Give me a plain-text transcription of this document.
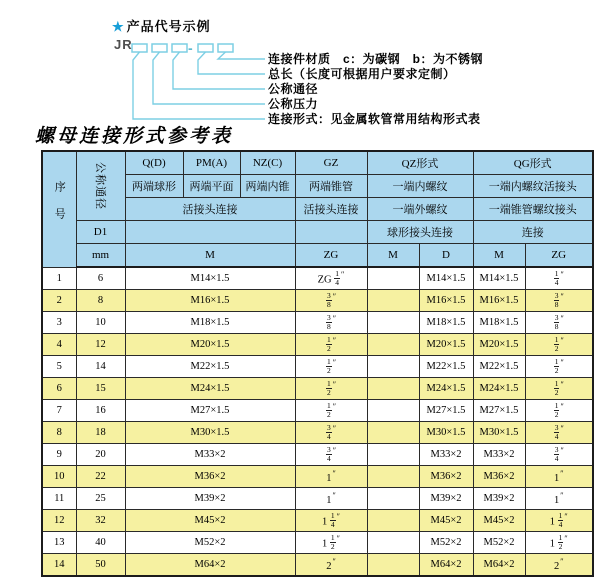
★ 产品代号示例
JR	-
连接件材质　c：为碳钢　b：为不锈钢
总长（长度可根据用户要求定制）
公称通径
公称压力
连接形式：见金属软管常用结构形式表
螺母连接形式参考表
序号	公称通径	Q(D)	PM(A)	NZ(C)	GZ	QZ形式		QG形式	
		两端球形	两端平面	两端内锥	两端锥管	一端内螺纹		一端内螺纹活接头	
		活接头连接			活接头连接	一端外螺纹		一端锥管螺纹接头	
	D1					球形接头连接		连接	
	mm	M			ZG	M	D	M	ZG
1	6	M14×1.5			ZG $\frac{1}{4} ''$		M14×1.5	M14×1.5	$\frac{1}{4} ''$
2	8	M16×1.5			$\frac{3}{8} ''$		M16×1.5	M16×1.5	$\frac{3}{8} ''$
3	10	M18×1.5			$\frac{3}{8} ''$		M18×1.5	M18×1.5	$\frac{3}{8} ''$
4	12	M20×1.5			$\frac{1}{2} ''$		M20×1.5	M20×1.5	$\frac{1}{2} ''$
5	14	M22×1.5			$\frac{1}{2} ''$		M22×1.5	M22×1.5	$\frac{1}{2} ''$
6	15	M24×1.5			$\frac{1}{2} ''$		M24×1.5	M24×1.5	$\frac{1}{2} ''$
7	16	M27×1.5			$\frac{1}{2} ''$		M27×1.5	M27×1.5	$\frac{1}{2} ''$
8	18	M30×1.5			$\frac{3}{4} ''$		M30×1.5	M30×1.5	$\frac{3}{4} ''$
9	20	M33×2			$\frac{3}{4} ''$		M33×2	M33×2	$\frac{3}{4} ''$
10	22	M36×2			1″		M36×2	M36×2	1″
11	25	M39×2			1″		M39×2	M39×2	1″
12	32	M45×2			$1 \frac{1}{4} ''$		M45×2	M45×2	$1 \frac{1}{4} ''$
13	40	M52×2			$1 \frac{1}{2} ''$		M52×2	M52×2	$1 \frac{1}{2} ''$
14	50	M64×2			2″		M64×2	M64×2	2″
